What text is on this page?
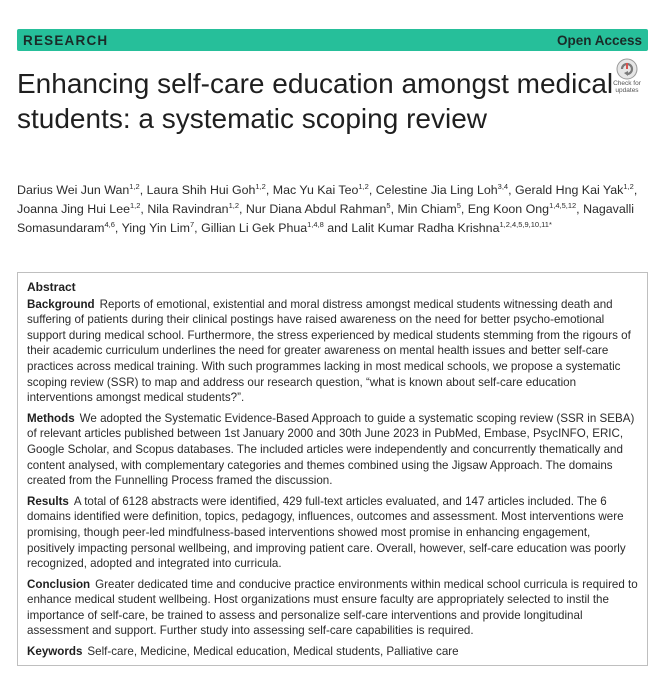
RESEARCH	Open Access
Check for
updates
Enhancing self-care education amongst medical students: a systematic scoping review

Darius Wei Jun Wan$^{1,2}$, Laura Shih Hui Goh$^{1,2}$, Mac Yu Kai Teo$^{1,2}$, Celestine Jia Ling Loh$^{3,4}$, Gerald Hng Kai Yak$^{1,2}$, Joanna Jing Hui Lee$^{1,2}$, Nila Ravindran$^{1,2}$, Nur Diana Abdul Rahman$^5$, Min Chiam$^5$, Eng Koon Ong$^{1,4,5,12}$, Nagavalli Somasundaram$^{4,6}$, Ying Yin Lim$^7$, Gillian Li Gek Phua$^{1,4,8}$ and Lalit Kumar Radha Krishna$^{1,2,4,5,9,10,11*}$

Abstract
Background Reports of emotional, existential and moral distress amongst medical students witnessing death and suffering of patients during their clinical postings have raised awareness on the need for better psycho-emotional support during medical school. Furthermore, the stress experienced by medical students stemming from the rigours of their academic curriculum underlines the need for greater awareness on mental health issues and better self-care practices across medical training. With such programmes lacking in most medical schools, we propose a systematic scoping review (SSR) to map and address our research question, “what is known about self-care education interventions amongst medical students?”.
Methods We adopted the Systematic Evidence-Based Approach to guide a systematic scoping review (SSR in SEBA) of relevant articles published between 1st January 2000 and 30th June 2023 in PubMed, Embase, PsycINFO, ERIC, Google Scholar, and Scopus databases. The included articles were independently and concurrently thematically and content analysed, with complementary categories and themes combined using the Jigsaw Approach. The domains created from the Funnelling Process framed the discussion.
Results A total of 6128 abstracts were identified, 429 full-text articles evaluated, and 147 articles included. The 6 domains identified were definition, topics, pedagogy, influences, outcomes and assessment. Most interventions were promising, though peer-led mindfulness-based interventions showed most promise in enhancing engagement, positively impacting personal wellbeing, and improving patient care. Overall, however, self-care education was poorly recognized, adopted and integrated into curricula.
Conclusion Greater dedicated time and conducive practice environments within medical school curricula is required to enhance medical student wellbeing. Host organizations must ensure faculty are appropriately selected to instil the importance of self-care, be trained to assess and personalize self-care interventions and provide longitudinal assessment and support. Further study into assessing self-care capabilities is required.
Keywords Self-care, Medicine, Medical education, Medical students, Palliative care
